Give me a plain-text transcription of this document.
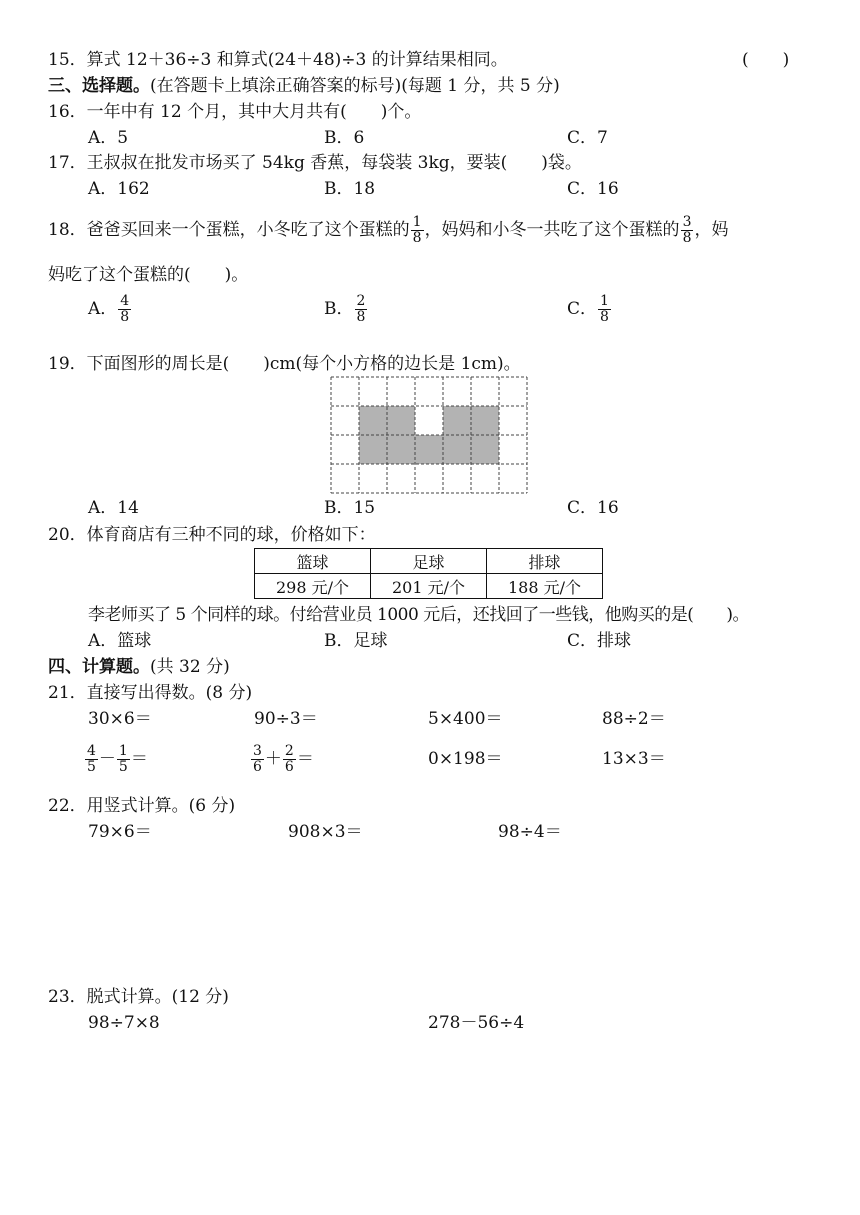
15．算式 12＋36÷3 和算式(24＋48)÷3 的计算结果相同。	(　　)
三、选择题。(在答题卡上填涂正确答案的标号)(每题 1 分，共 5 分)
16．一年中有 12 个月，其中大月共有(　　)个。
A．5	B．6	C．7
17．王叔叔在批发市场买了 54kg 香蕉，每袋装 3kg，要装(　　)袋。
A．162	B．18	C．16
18．爸爸买回来一个蛋糕，小冬吃了这个蛋糕的 $\frac{1}{8}$ ，妈妈和小冬一共吃了这个蛋糕的 $\frac{3}{8}$ ，妈
妈吃了这个蛋糕的(　　)。
A． $\frac{4}{8}$	B． $\frac{2}{8}$	C． $\frac{1}{8}$
19．下面图形的周长是(　　)cm(每个小方格的边长是 1cm)。
A．14	B．15	C．16
20．体育商店有三种不同的球，价格如下：
篮球	足球	排球
298 元/个	201 元/个	188 元/个
李老师买了 5 个同样的球。付给营业员 1000 元后，还找回了一些钱，他购买的是(　　)。
A．篮球	B．足球	C．排球
四、计算题。(共 32 分)
21．直接写出得数。(8 分)
30×6＝	90÷3＝	5×400＝	88÷2＝
$\frac{4}{5} - \frac{1}{5}$ ＝	$\frac{3}{6} + \frac{2}{6}$ ＝	0×198＝	13×3＝
22．用竖式计算。(6 分)
79×6＝	908×3＝	98÷4＝
23．脱式计算。(12 分)
98÷7×8	278－56÷4
